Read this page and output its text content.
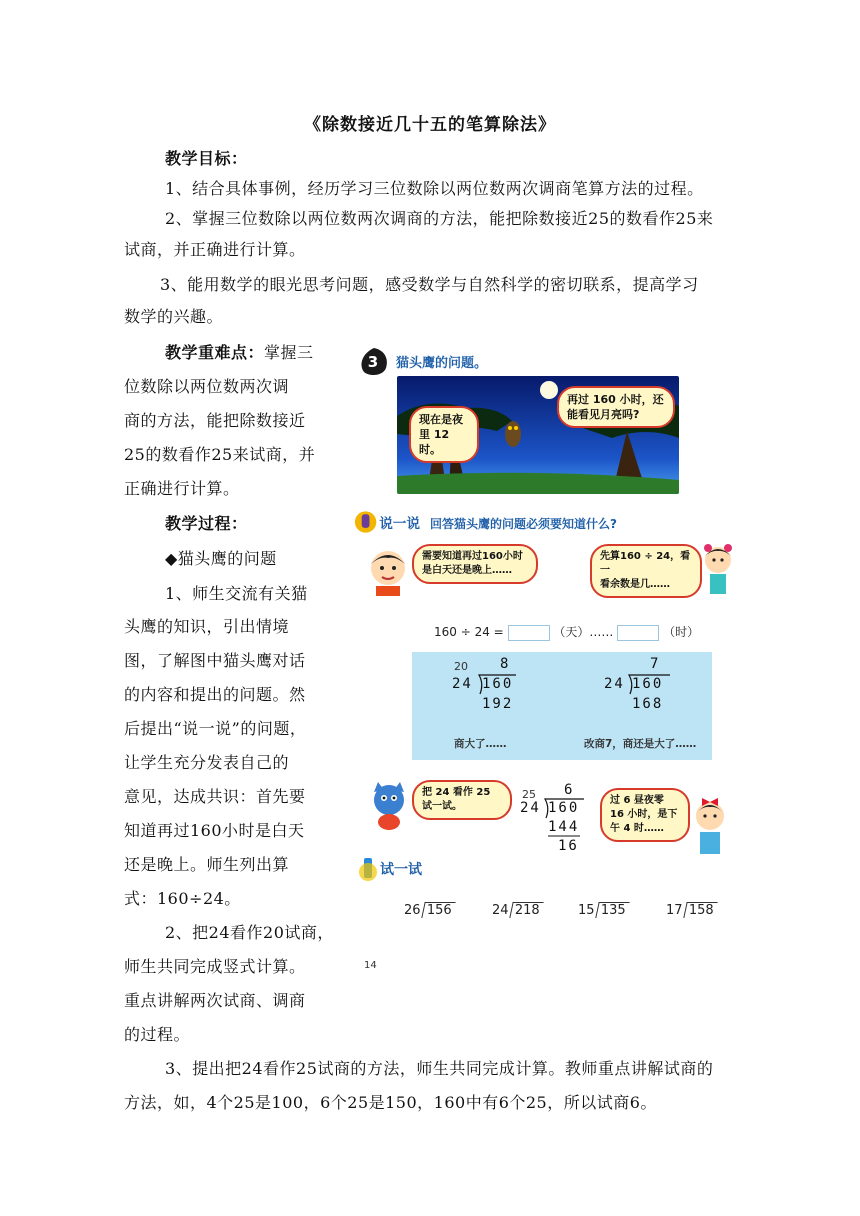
《除数接近几十五的笔算除法》
教学目标：
1、结合具体事例，经历学习三位数除以两位数两次调商笔算方法的过程。
2、掌握三位数除以两位数两次调商的方法，能把除数接近25的数看作25来
试商，并正确进行计算。
3、能用数学的眼光思考问题，感受数学与自然科学的密切联系，提高学习
数学的兴趣。
教学重难点：掌握三
位数除以两位数两次调
商的方法，能把除数接近
25的数看作25来试商，并
正确进行计算。
教学过程：
◆猫头鹰的问题
1、师生交流有关猫
头鹰的知识，引出情境
图，了解图中猫头鹰对话
的内容和提出的问题。然
后提出“说一说”的问题，
让学生充分发表自己的
意见，达成共识：首先要
知道再过160小时是白天
还是晚上。师生列出算
式：160÷24。
2、把24看作20试商，
师生共同完成竖式计算。
重点讲解两次试商、调商
的过程。
3、提出把24看作25试商的方法，师生共同完成计算。教师重点讲解试商的
方法，如，4个25是100，6个25是150，160中有6个25，所以试商6。
3 猫头鹰的问题。
现在是夜
里 12 时。
再过 160 小时，还
能看见月亮吗?
说一说 回答猫头鹰的问题必须要知道什么?
需要知道再过160小时
是白天还是晚上……
先算160 ÷ 24，看一
看余数是几……
160 ÷ 24 =	（天）……	（时）
20 8
24 160
192
商大了……
7
24 160
168
改商7，商还是大了……
把 24 看作 25
试一试。
25 6
24 160
144
16
过 6 昼夜零
16 小时，是下
午 4 时……
试一试
26 156	24 218	15 135	17 158
14
